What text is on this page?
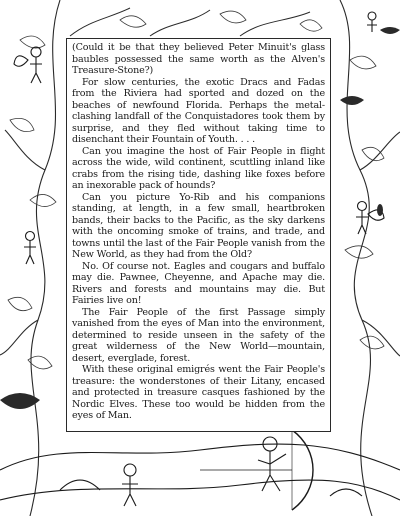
(Could it be that they believed Peter Minuit's glass baubles possessed the same worth as the Alven's Treasure-Stone?)

For slow centuries, the exotic Dracs and Fadas from the Riviera had sported and dozed on the beaches of newfound Florida. Perhaps the metal-clashing landfall of the Conquistadores took them by surprise, and they fled without taking time to disenchant their Fountain of Youth. . . .

Can you imagine the host of Fair People in flight across the wide, wild continent, scuttling inland like crabs from the rising tide, dashing like foxes before an inexorable pack of hounds?

Can you picture Yo-Rib and his companions standing, at length, in a few small, heartbroken bands, their backs to the Pacific, as the sky darkens with the oncoming smoke of trains, and trade, and towns until the last of the Fair People vanish from the New World, as they had from the Old?

No. Of course not. Eagles and cougars and buffalo may die. Pawnee, Cheyenne, and Apache may die. Rivers and forests and mountains may die. But Fairies live on!

The Fair People of the first Passage simply vanished from the eyes of Man into the environment, determined to reside unseen in the safety of the great wilderness of the New World—mountain, desert, everglade, forest.

With these original emigrés went the Fair People's treasure: the wonderstones of their Litany, encased and protected in treasure casques fashioned by the Nordic Elves. These too would be hidden from the eyes of Man.
